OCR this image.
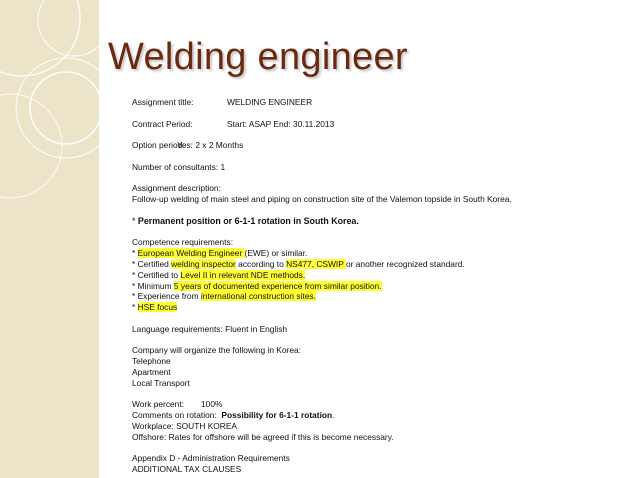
Welding engineer
Assignment title:	WELDING ENGINEER
Contract Period:	Start: ASAP End: 30.11.2013
Option period:Yes: 2 x 2 Months
Number of consultants: 1
Assignment description:
Follow-up welding of main steel and piping on construction site of the Valemon topside in South Korea.
* Permanent position or 6-1-1 rotation in South Korea.
Competence requirements:
* European Welding Engineer (EWE) or similar.
* Certified welding inspector according to NS477, CSWIP or another recognized standard.
* Certified to Level II in relevant NDE methods.
* Minimum 5 years of documented experience from similar position.
* Experience from international construction sites.
* HSE focus
Language requirements: Fluent in English
Company will organize the following in Korea:
Telephone
Apartment
Local Transport
Work percent: 100%
Comments on rotation: Possibility for 6-1-1 rotation.
Workplace: SOUTH KOREA
Offshore: Rates for offshore will be agreed if this is become necessary.
Appendix D - Administration Requirements
ADDITIONAL TAX CLAUSES
